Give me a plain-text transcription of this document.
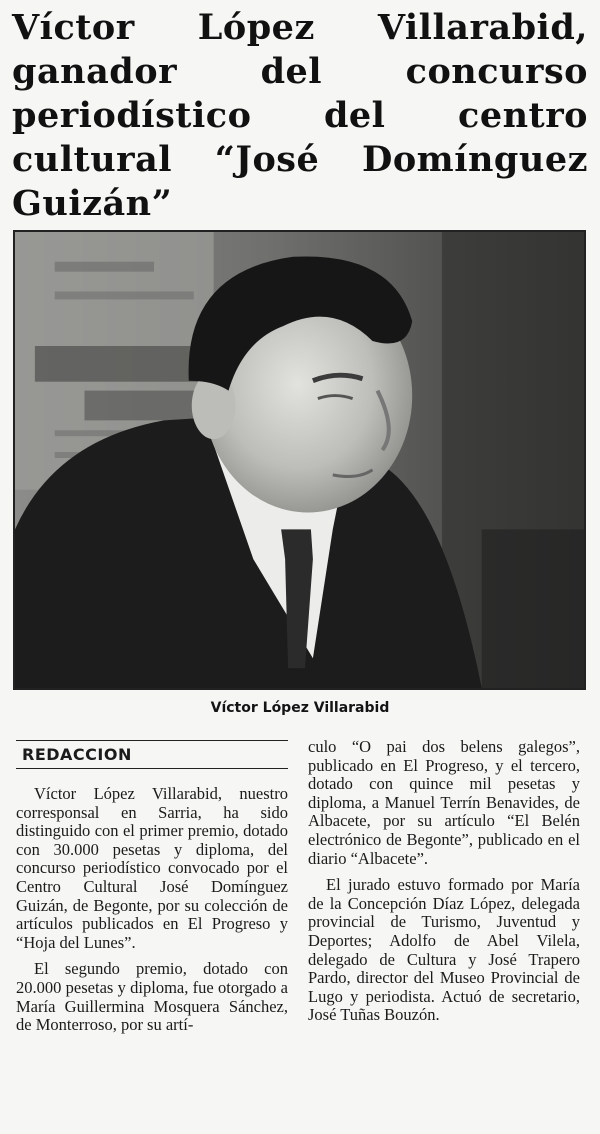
Víctor López Villarabid,
ganador del concurso
periodístico del centro
cultural “José Domínguez
Guizán”
Víctor López Villarabid
REDACCION

Víctor López Villarabid, nuestro corresponsal en Sarria, ha sido distinguido con el primer premio, dotado con 30.000 pesetas y diploma, del concurso periodístico convocado por el Centro Cultural José Domínguez Guizán, de Begonte, por su colección de artículos publicados en El Progreso y “Hoja del Lunes”.

El segundo premio, dotado con 20.000 pesetas y diploma, fue otorgado a María Guillermina Mosquera Sánchez, de Monterroso, por su artí-

culo “O pai dos belens galegos”, publicado en El Progreso, y el tercero, dotado con quince mil pesetas y diploma, a Manuel Terrín Benavides, de Albacete, por su artículo “El Belén electrónico de Begonte”, publicado en el diario “Albacete”.

El jurado estuvo formado por María de la Concepción Díaz López, delegada provincial de Turismo, Juventud y Deportes; Adolfo de Abel Vilela, delegado de Cultura y José Trapero Pardo, director del Museo Provincial de Lugo y periodista. Actuó de secretario, José Tuñas Bouzón.
